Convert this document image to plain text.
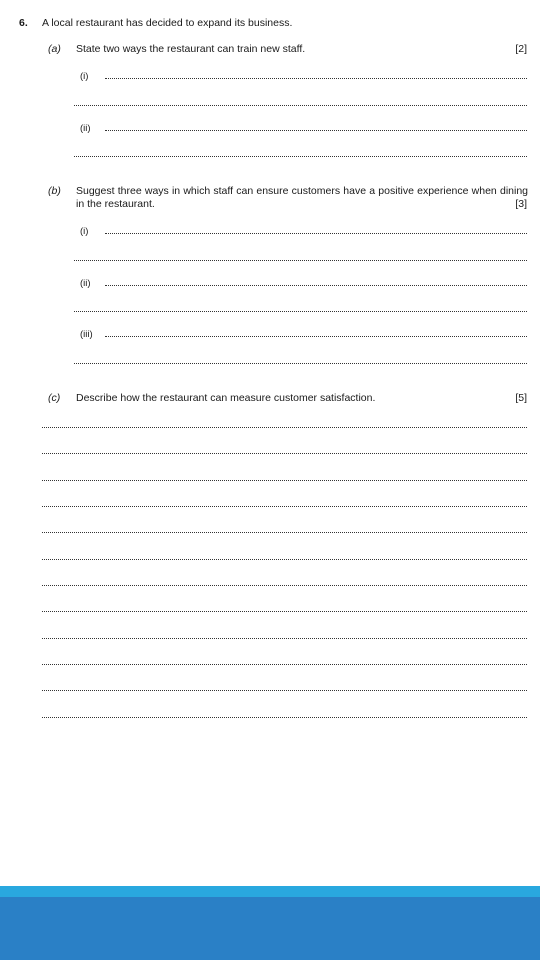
6. A local restaurant has decided to expand its business.
(a) State two ways the restaurant can train new staff.	[2]
(i)
(ii)
(b) Suggest three ways in which staff can ensure customers have a positive experience when dining in the restaurant.	[3]
(i)
(ii)
(iii)
(c) Describe how the restaurant can measure customer satisfaction.	[5]
